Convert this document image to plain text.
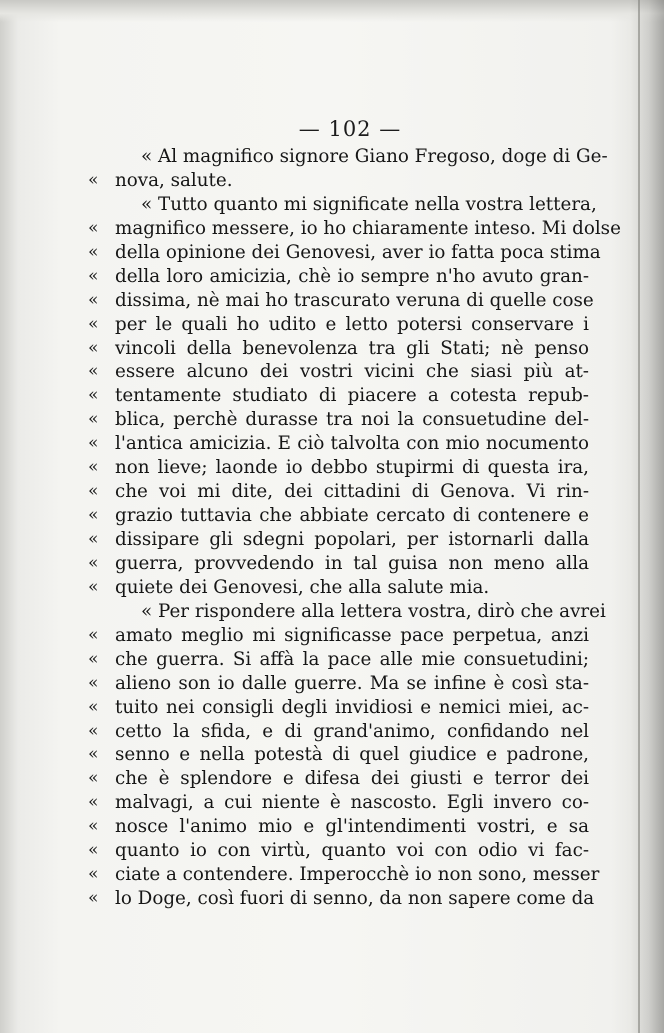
— 102 —
« Al magnifico signore Giano Fregoso, doge di Ge-
« nova, salute.
« Tutto quanto mi significate nella vostra lettera,
« magnifico messere, io ho chiaramente inteso. Mi dolse
« della opinione dei Genovesi, aver io fatta poca stima
« della loro amicizia, chè io sempre n'ho avuto gran-
« dissima, nè mai ho trascurato veruna di quelle cose
« per le quali ho udito e letto potersi conservare i
« vincoli della benevolenza tra gli Stati; nè penso
« essere alcuno dei vostri vicini che siasi più at-
« tentamente studiato di piacere a cotesta repub-
« blica, perchè durasse tra noi la consuetudine del-
« l'antica amicizia. E ciò talvolta con mio nocumento
« non lieve; laonde io debbo stupirmi di questa ira,
« che voi mi dite, dei cittadini di Genova. Vi rin-
« grazio tuttavia che abbiate cercato di contenere e
« dissipare gli sdegni popolari, per istornarli dalla
« guerra, provvedendo in tal guisa non meno alla
« quiete dei Genovesi, che alla salute mia.
« Per rispondere alla lettera vostra, dirò che avrei
« amato meglio mi significasse pace perpetua, anzi
« che guerra. Si affà la pace alle mie consuetudini;
« alieno son io dalle guerre. Ma se infine è così sta-
« tuito nei consigli degli invidiosi e nemici miei, ac-
« cetto la sfida, e di grand'animo, confidando nel
« senno e nella potestà di quel giudice e padrone,
« che è splendore e difesa dei giusti e terror dei
« malvagi, a cui niente è nascosto. Egli invero co-
« nosce l'animo mio e gl'intendimenti vostri, e sa
« quanto io con virtù, quanto voi con odio vi fac-
« ciate a contendere. Imperocchè io non sono, messer
« lo Doge, così fuori di senno, da non sapere come da
